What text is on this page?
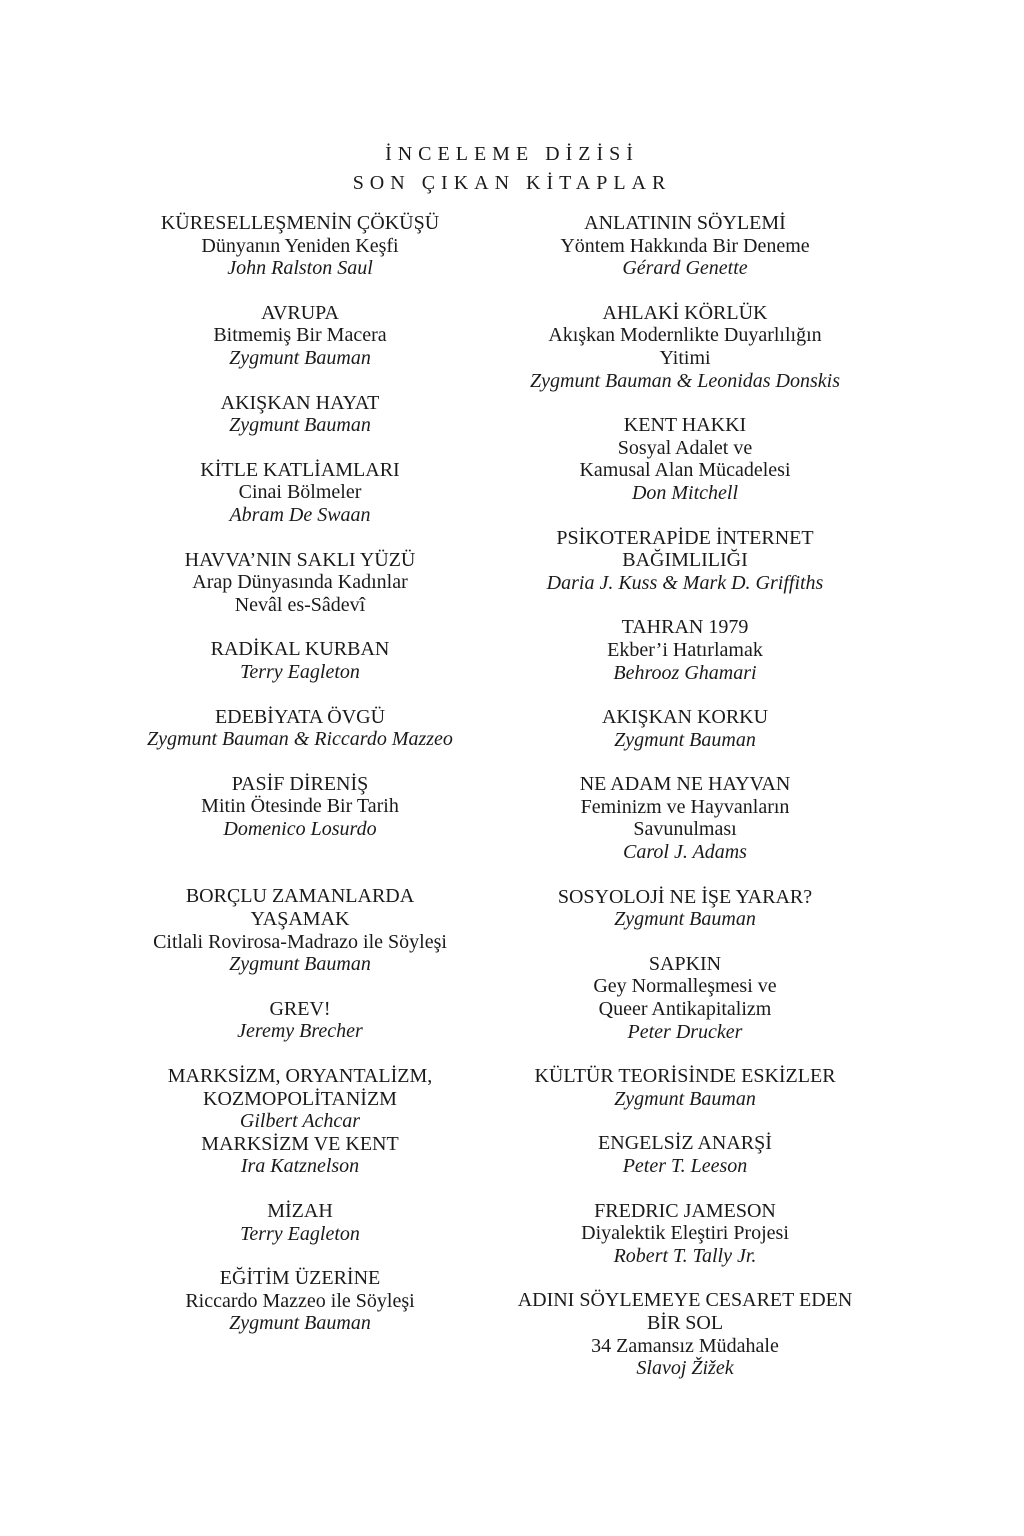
İNCELEME DİZİSİ
SON ÇIKAN KİTAPLAR
KÜRESELLEŞMENİN ÇÖKÜŞÜ
Dünyanın Yeniden Keşfi
John Ralston Saul
AVRUPA
Bitmemiş Bir Macera
Zygmunt Bauman
AKIŞKAN HAYAT
Zygmunt Bauman
KİTLE KATLİAMLARI
Cinai Bölmeler
Abram De Swaan
HAVVA’NIN SAKLI YÜZÜ
Arap Dünyasında Kadınlar
Nevâl es-Sâdevî
RADİKAL KURBAN
Terry Eagleton
EDEBİYATA ÖVGÜ
Zygmunt Bauman & Riccardo Mazzeo
PASİF DİRENİŞ
Mitin Ötesinde Bir Tarih
Domenico Losurdo
BORÇLU ZAMANLARDA
YAŞAMAK
Citlali Rovirosa-Madrazo ile Söyleşi
Zygmunt Bauman
GREV!
Jeremy Brecher
MARKSİZM, ORYANTALİZM,
KOZMOPOLİTANİZM
Gilbert Achcar
MARKSİZM VE KENT
Ira Katznelson
MİZAH
Terry Eagleton
EĞİTİM ÜZERİNE
Riccardo Mazzeo ile Söyleşi
Zygmunt Bauman
ANLATININ SÖYLEMİ
Yöntem Hakkında Bir Deneme
Gérard Genette
AHLAKİ KÖRLÜK
Akışkan Modernlikte Duyarlılığın
Yitimi
Zygmunt Bauman & Leonidas Donskis
KENT HAKKI
Sosyal Adalet ve
Kamusal Alan Mücadelesi
Don Mitchell
PSİKOTERAPİDE İNTERNET
BAĞIMLILIĞI
Daria J. Kuss & Mark D. Griffiths
TAHRAN 1979
Ekber’i Hatırlamak
Behrooz Ghamari
AKIŞKAN KORKU
Zygmunt Bauman
NE ADAM NE HAYVAN
Feminizm ve Hayvanların
Savunulması
Carol J. Adams
SOSYOLOJİ NE İŞE YARAR?
Zygmunt Bauman
SAPKIN
Gey Normalleşmesi ve
Queer Antikapitalizm
Peter Drucker
KÜLTÜR TEORİSİNDE ESKİZLER
Zygmunt Bauman
ENGELSİZ ANARŞİ
Peter T. Leeson
FREDRIC JAMESON
Diyalektik Eleştiri Projesi
Robert T. Tally Jr.
ADINI SÖYLEMEYE CESARET EDEN
BİR SOL
34 Zamansız Müdahale
Slavoj Žižek
